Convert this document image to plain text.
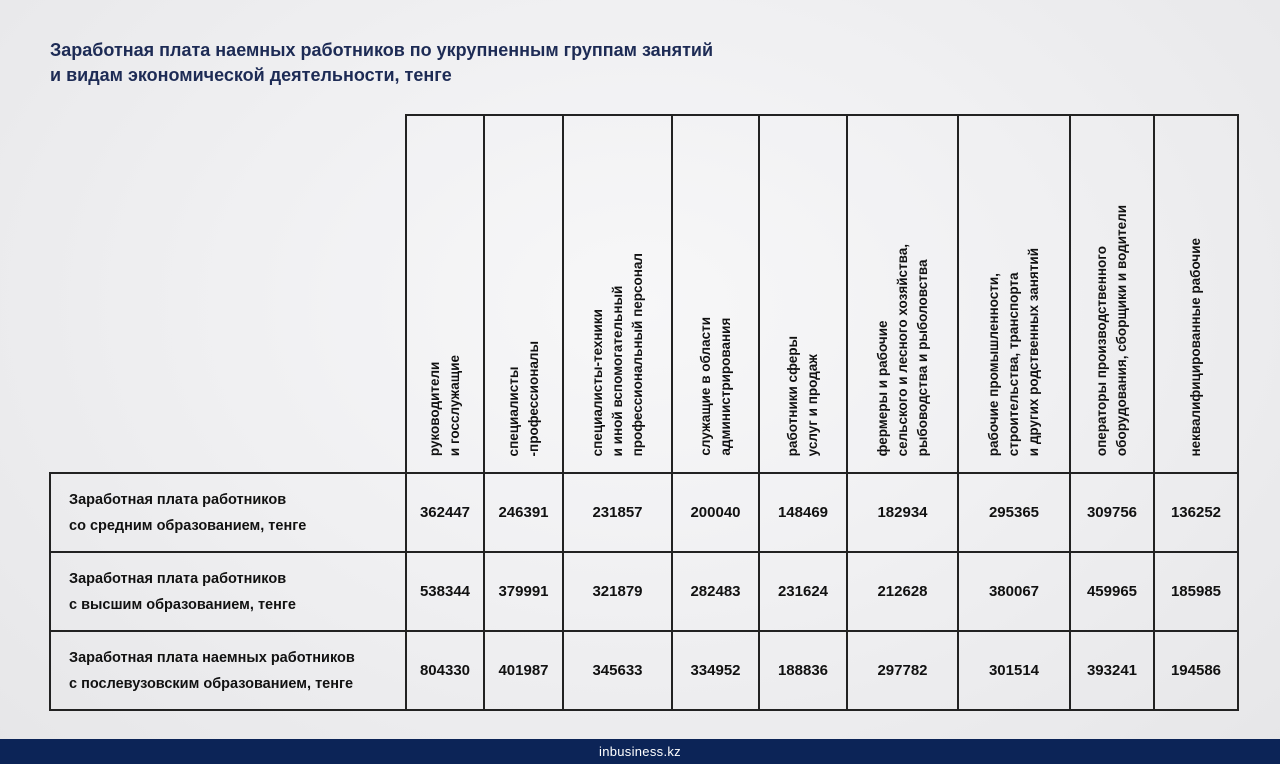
Заработная плата наемных работников по укрупненным группам занятий
и видам экономической деятельности, тенге

	руководители и госслужащие	специалисты -профессионалы	специалисты-техники и иной вспомогательный профессиональный персонал	служащие в области администрирования	работники сферы услуг и продаж	фермеры и рабочие сельского и лесного хозяйства, рыбоводства и рыболовства	рабочие промышленности, строительства, транспорта и других родственных занятий	операторы производственного оборудования, сборщики и водители	неквалифицированные рабочие

Заработная плата работников
со средним образованием, тенге	362447	246391	231857	200040	148469	182934	295365	309756	136252

Заработная плата работников
с высшим образованием, тенге	538344	379991	321879	282483	231624	212628	380067	459965	185985

Заработная плата наемных работников
с послевузовским образованием, тенге	804330	401987	345633	334952	188836	297782	301514	393241	194586
inbusiness.kz
